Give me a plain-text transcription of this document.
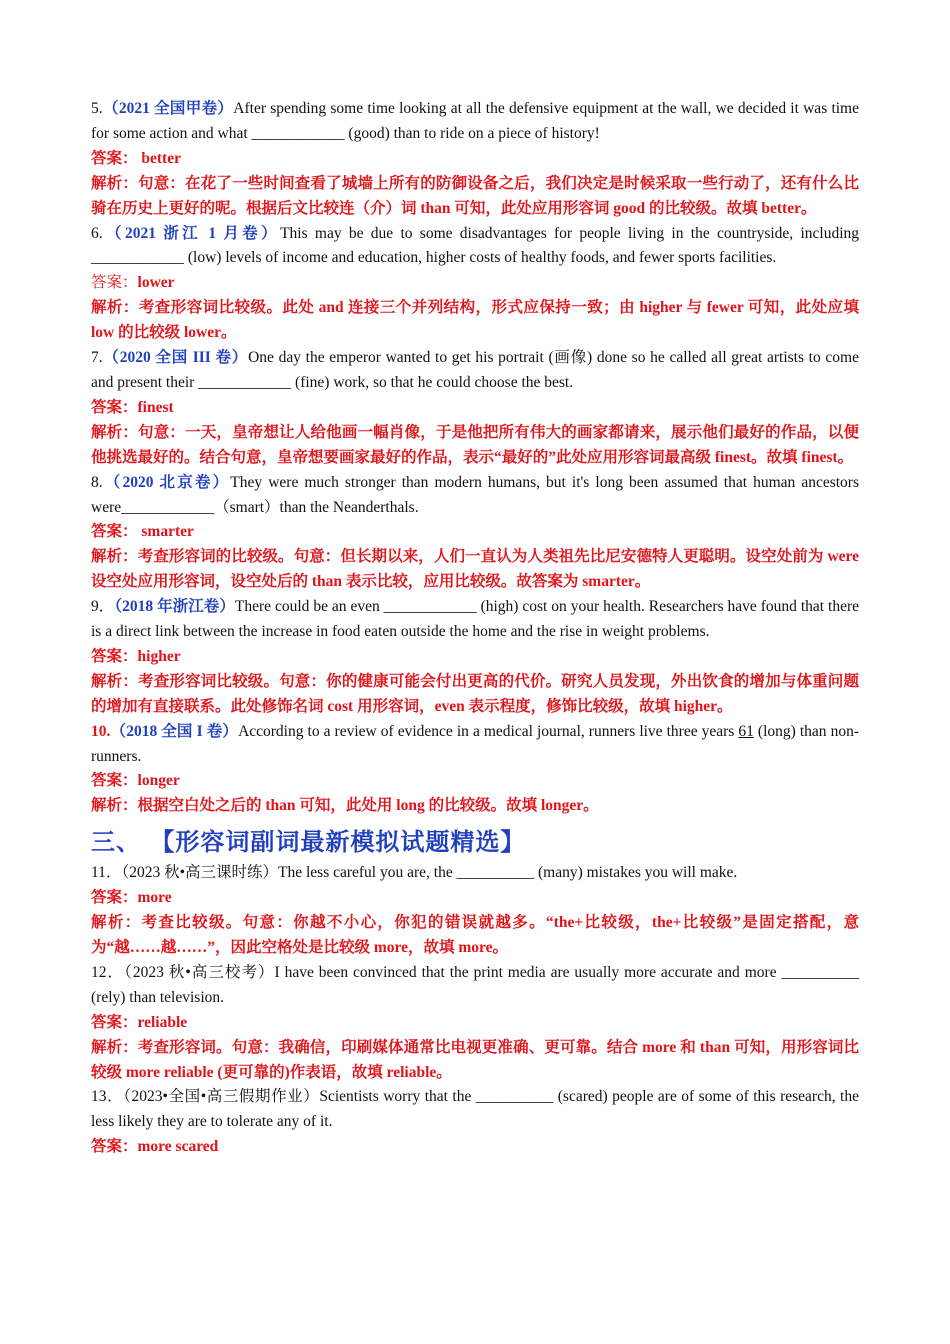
5.（2021 全国甲卷）After spending some time looking at all the defensive equipment at the wall, we decided it was time for some action and what ____________ (good) than to ride on a piece of history!

答案： better

解析：句意：在花了一些时间查看了城墙上所有的防御设备之后，我们决定是时候采取一些行动了，还有什么比骑在历史上更好的呢。根据后文比较连（介）词 than 可知，此处应用形容词 good 的比较级。故填 better。

6.（2021 浙江 1 月卷）This may be due to some disadvantages for people living in the countryside, including ____________ (low) levels of income and education, higher costs of healthy foods, and fewer sports facilities.

答案：lower

解析：考查形容词比较级。此处 and 连接三个并列结构，形式应保持一致；由 higher 与 fewer 可知，此处应填 low 的比较级 lower。

7.（2020 全国 III 卷）One day the emperor wanted to get his portrait (画像) done so he called all great artists to come and present their ____________ (fine) work, so that he could choose the best.

答案：finest

解析：句意：一天，皇帝想让人给他画一幅肖像，于是他把所有伟大的画家都请来，展示他们最好的作品，以便他挑选最好的。结合句意，皇帝想要画家最好的作品，表示“最好的”此处应用形容词最高级 finest。故填 finest。

8.（2020 北京卷）They were much stronger than modern humans, but it's long been assumed that human ancestors were____________（smart）than the Neanderthals.

答案： smarter

解析：考查形容词的比较级。句意：但长期以来，人们一直认为人类祖先比尼安德特人更聪明。设空处前为 were 设空处应用形容词，设空处后的 than 表示比较，应用比较级。故答案为 smarter。

9．（2018 年浙江卷）There could be an even ____________ (high) cost on your health. Researchers have found that there is a direct link between the increase in food eaten outside the home and the rise in weight problems.

答案：higher

解析：考查形容词比较级。句意：你的健康可能会付出更高的代价。研究人员发现，外出饮食的增加与体重问题的增加有直接联系。此处修饰名词 cost 用形容词，even 表示程度，修饰比较级，故填 higher。

10.（2018 全国 I 卷）According to a review of evidence in a medical journal, runners live three years 61 (long) than non-runners.

答案：longer

解析：根据空白处之后的 than 可知，此处用 long 的比较级。故填 longer。

三、 【形容词副词最新模拟试题精选】

11．（2023 秋•高三课时练）The less careful you are, the __________ (many) mistakes you will make.

答案：more

解析：考查比较级。句意：你越不小心，你犯的错误就越多。“the+比较级，the+比较级”是固定搭配，意为“越……越……”，因此空格处是比较级 more，故填 more。

12．（2023 秋•高三校考）I have been convinced that the print media are usually more accurate and more __________ (rely) than television.

答案：reliable

解析：考查形容词。句意：我确信，印刷媒体通常比电视更准确、更可靠。结合 more 和 than 可知，用形容词比较级 more reliable (更可靠的)作表语，故填 reliable。

13．（2023•全国•高三假期作业）Scientists worry that the __________ (scared) people are of some of this research, the less likely they are to tolerate any of it.

答案：more scared
